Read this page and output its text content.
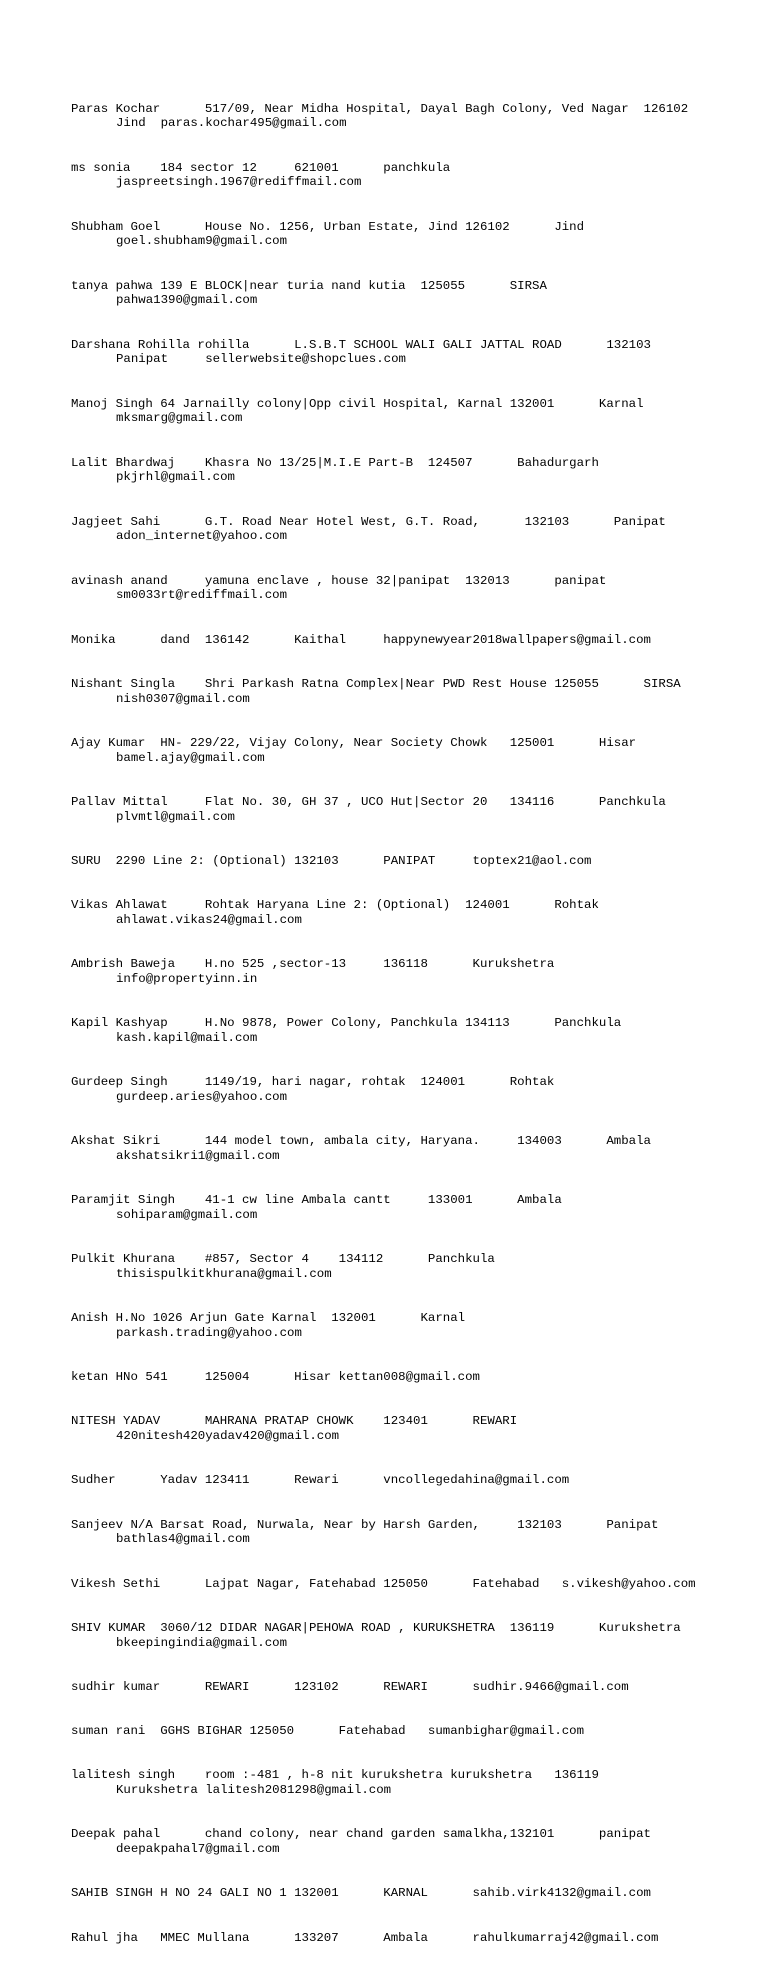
Paras Kochar      517/09, Near Midha Hospital, Dayal Bagh Colony, Ved Nagar  126102
Jind  paras.kochar495@gmail.com

ms sonia    184 sector 12     621001      panchkula
jaspreetsingh.1967@rediffmail.com

Shubham Goel      House No. 1256, Urban Estate, Jind 126102      Jind
goel.shubham9@gmail.com

tanya pahwa 139 E BLOCK|near turia nand kutia  125055      SIRSA
pahwa1390@gmail.com

Darshana Rohilla rohilla      L.S.B.T SCHOOL WALI GALI JATTAL ROAD      132103
Panipat     sellerwebsite@shopclues.com

Manoj Singh 64 Jarnailly colony|Opp civil Hospital, Karnal 132001      Karnal
mksmarg@gmail.com

Lalit Bhardwaj    Khasra No 13/25|M.I.E Part-B  124507      Bahadurgarh
pkjrhl@gmail.com

Jagjeet Sahi      G.T. Road Near Hotel West, G.T. Road,      132103      Panipat
adon_internet@yahoo.com

avinash anand     yamuna enclave , house 32|panipat  132013      panipat
sm0033rt@rediffmail.com

Monika      dand  136142      Kaithal     happynewyear2018wallpapers@gmail.com

Nishant Singla    Shri Parkash Ratna Complex|Near PWD Rest House 125055      SIRSA
nish0307@gmail.com

Ajay Kumar  HN- 229/22, Vijay Colony, Near Society Chowk   125001      Hisar
bamel.ajay@gmail.com

Pallav Mittal     Flat No. 30, GH 37 , UCO Hut|Sector 20   134116      Panchkula
plvmtl@gmail.com

SURU  2290 Line 2: (Optional) 132103      PANIPAT     toptex21@aol.com

Vikas Ahlawat     Rohtak Haryana Line 2: (Optional)  124001      Rohtak
ahlawat.vikas24@gmail.com

Ambrish Baweja    H.no 525 ,sector-13     136118      Kurukshetra
info@propertyinn.in

Kapil Kashyap     H.No 9878, Power Colony, Panchkula 134113      Panchkula
kash.kapil@mail.com

Gurdeep Singh     1149/19, hari nagar, rohtak  124001      Rohtak
gurdeep.aries@yahoo.com

Akshat Sikri      144 model town, ambala city, Haryana.     134003      Ambala
akshatsikri1@gmail.com

Paramjit Singh    41-1 cw line Ambala cantt     133001      Ambala
sohiparam@gmail.com

Pulkit Khurana    #857, Sector 4    134112      Panchkula
thisispulkitkhurana@gmail.com

Anish H.No 1026 Arjun Gate Karnal  132001      Karnal
parkash.trading@yahoo.com

ketan HNo 541     125004      Hisar kettan008@gmail.com

NITESH YADAV      MAHRANA PRATAP CHOWK    123401      REWARI
420nitesh420yadav420@gmail.com

Sudher      Yadav 123411      Rewari      vncollegedahina@gmail.com

Sanjeev N/A Barsat Road, Nurwala, Near by Harsh Garden,     132103      Panipat
bathlas4@gmail.com

Vikesh Sethi      Lajpat Nagar, Fatehabad 125050      Fatehabad   s.vikesh@yahoo.com

SHIV KUMAR  3060/12 DIDAR NAGAR|PEHOWA ROAD , KURUKSHETRA  136119      Kurukshetra
bkeepingindia@gmail.com

sudhir kumar      REWARI      123102      REWARI      sudhir.9466@gmail.com

suman rani  GGHS BIGHAR 125050      Fatehabad   sumanbighar@gmail.com

lalitesh singh    room :-481 , h-8 nit kurukshetra kurukshetra   136119
Kurukshetra lalitesh2081298@gmail.com

Deepak pahal      chand colony, near chand garden samalkha,132101      panipat
deepakpahal7@gmail.com

SAHIB SINGH H NO 24 GALI NO 1 132001      KARNAL      sahib.virk4132@gmail.com

Rahul jha   MMEC Mullana      133207      Ambala      rahulkumarraj42@gmail.com
